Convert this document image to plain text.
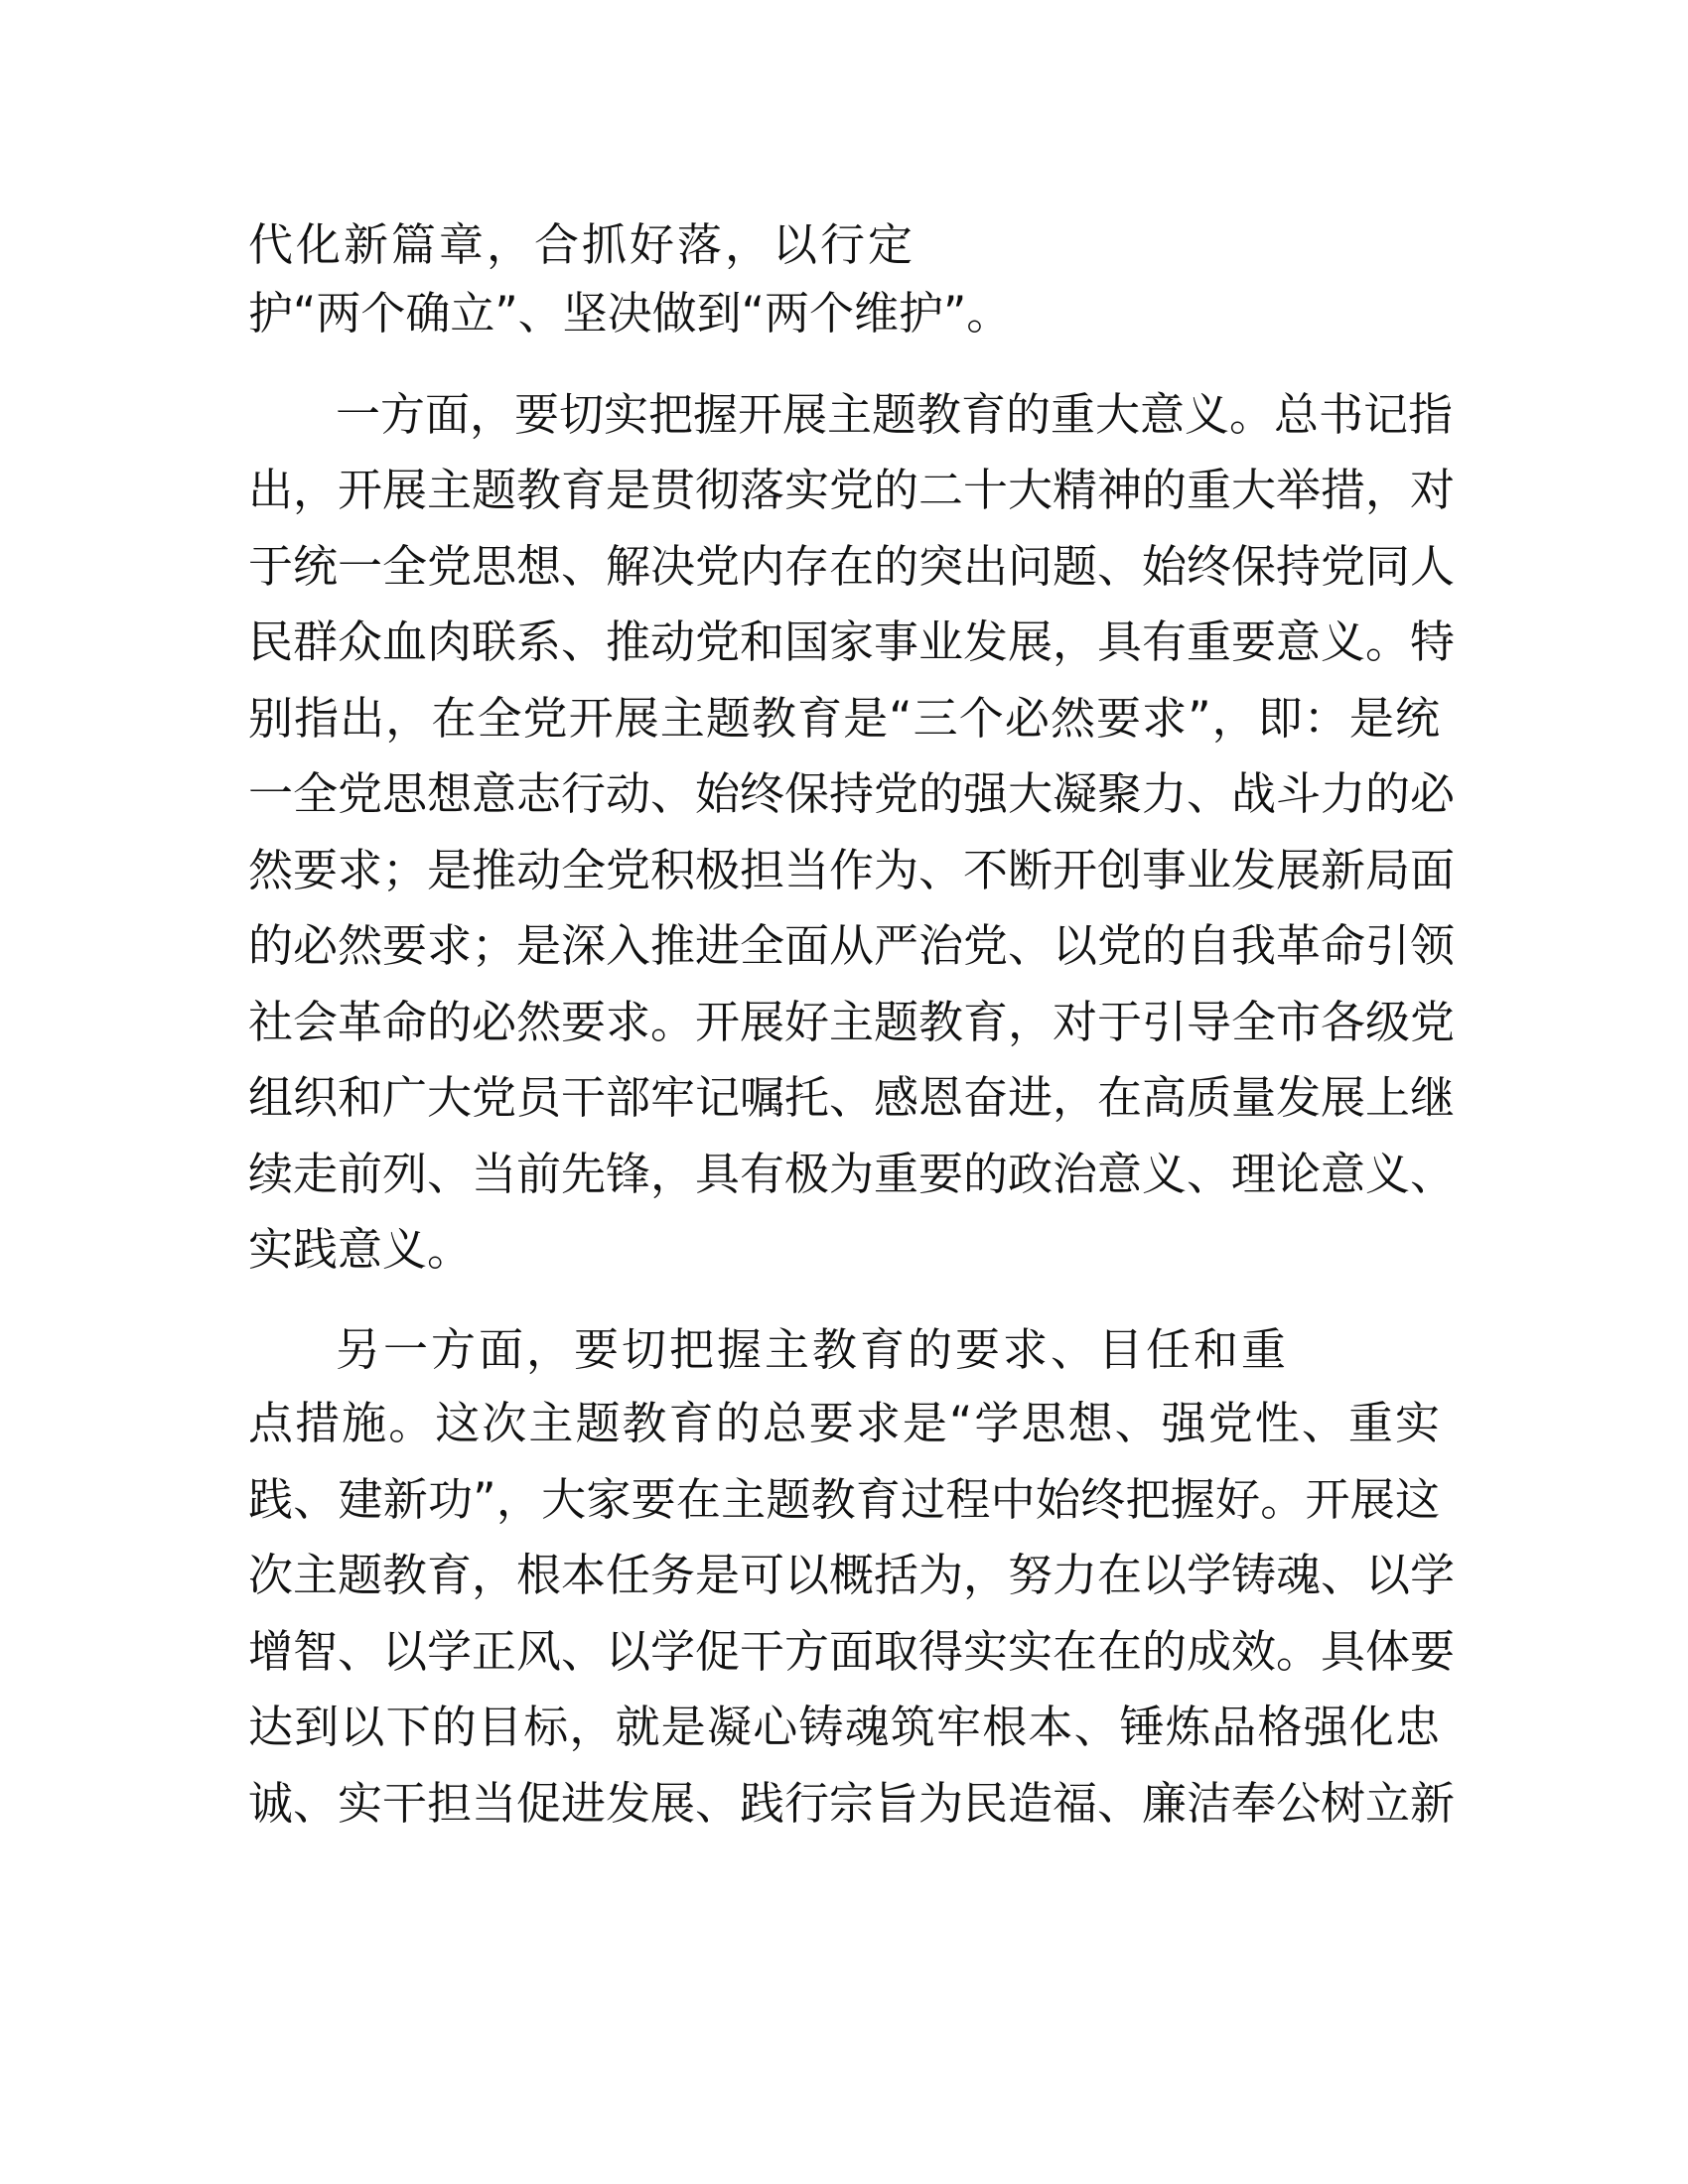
代化新篇章，合抓好落，以行定
护“两个确立”、坚决做到“两个维护”。
一方面，要切实把握开展主题教育的重大意义。总书记指
出，开展主题教育是贯彻落实党的二十大精神的重大举措，对
于统一全党思想、解决党内存在的突出问题、始终保持党同人
民群众血肉联系、推动党和国家事业发展，具有重要意义。特
别指出，在全党开展主题教育是“三个必然要求”，即：是统
一全党思想意志行动、始终保持党的强大凝聚力、战斗力的必
然要求；是推动全党积极担当作为、不断开创事业发展新局面
的必然要求；是深入推进全面从严治党、以党的自我革命引领
社会革命的必然要求。开展好主题教育，对于引导全市各级党
组织和广大党员干部牢记嘱托、感恩奋进，在高质量发展上继
续走前列、当前先锋，具有极为重要的政治意义、理论意义、
实践意义。
另一方面，要切把握主教育的要求、目任和重
点措施。这次主题教育的总要求是“学思想、强党性、重实
践、建新功”，大家要在主题教育过程中始终把握好。开展这
次主题教育，根本任务是可以概括为，努力在以学铸魂、以学
增智、以学正风、以学促干方面取得实实在在的成效。具体要
达到以下的目标，就是凝心铸魂筑牢根本、锤炼品格强化忠
诚、实干担当促进发展、践行宗旨为民造福、廉洁奉公树立新
